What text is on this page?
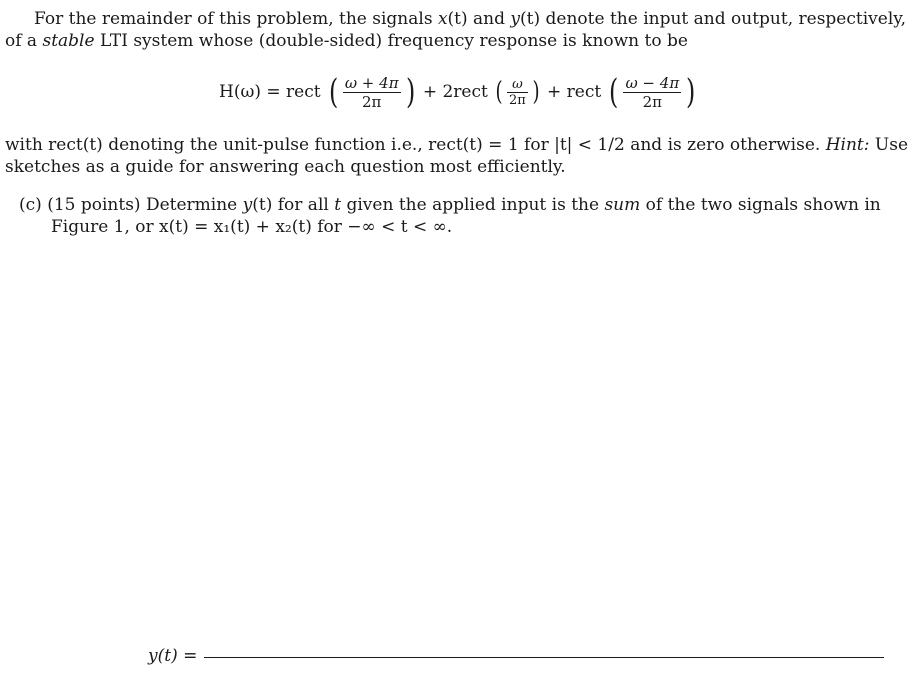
For the remainder of this problem, the signals x(t) and y(t) denote the input and output, respectively,
of a stable LTI system whose (double-sided) frequency response is known to be
H(ω) = rect ( $\frac{\omega + 4\pi}{2\pi}$ ) + 2rect ( $\frac{\omega}{2\pi}$ ) + rect ( $\frac{\omega - 4\pi}{2\pi}$ )
with rect(t) denoting the unit-pulse function i.e., rect(t) = 1 for |t| < 1/2 and is zero otherwise. Hint: Use
sketches as a guide for answering each question most efficiently.
(c) (15 points) Determine y(t) for all t given the applied input is the sum of the two signals shown in
Figure 1, or x(t) = x₁(t) + x₂(t) for −∞ < t < ∞.
y(t) =
